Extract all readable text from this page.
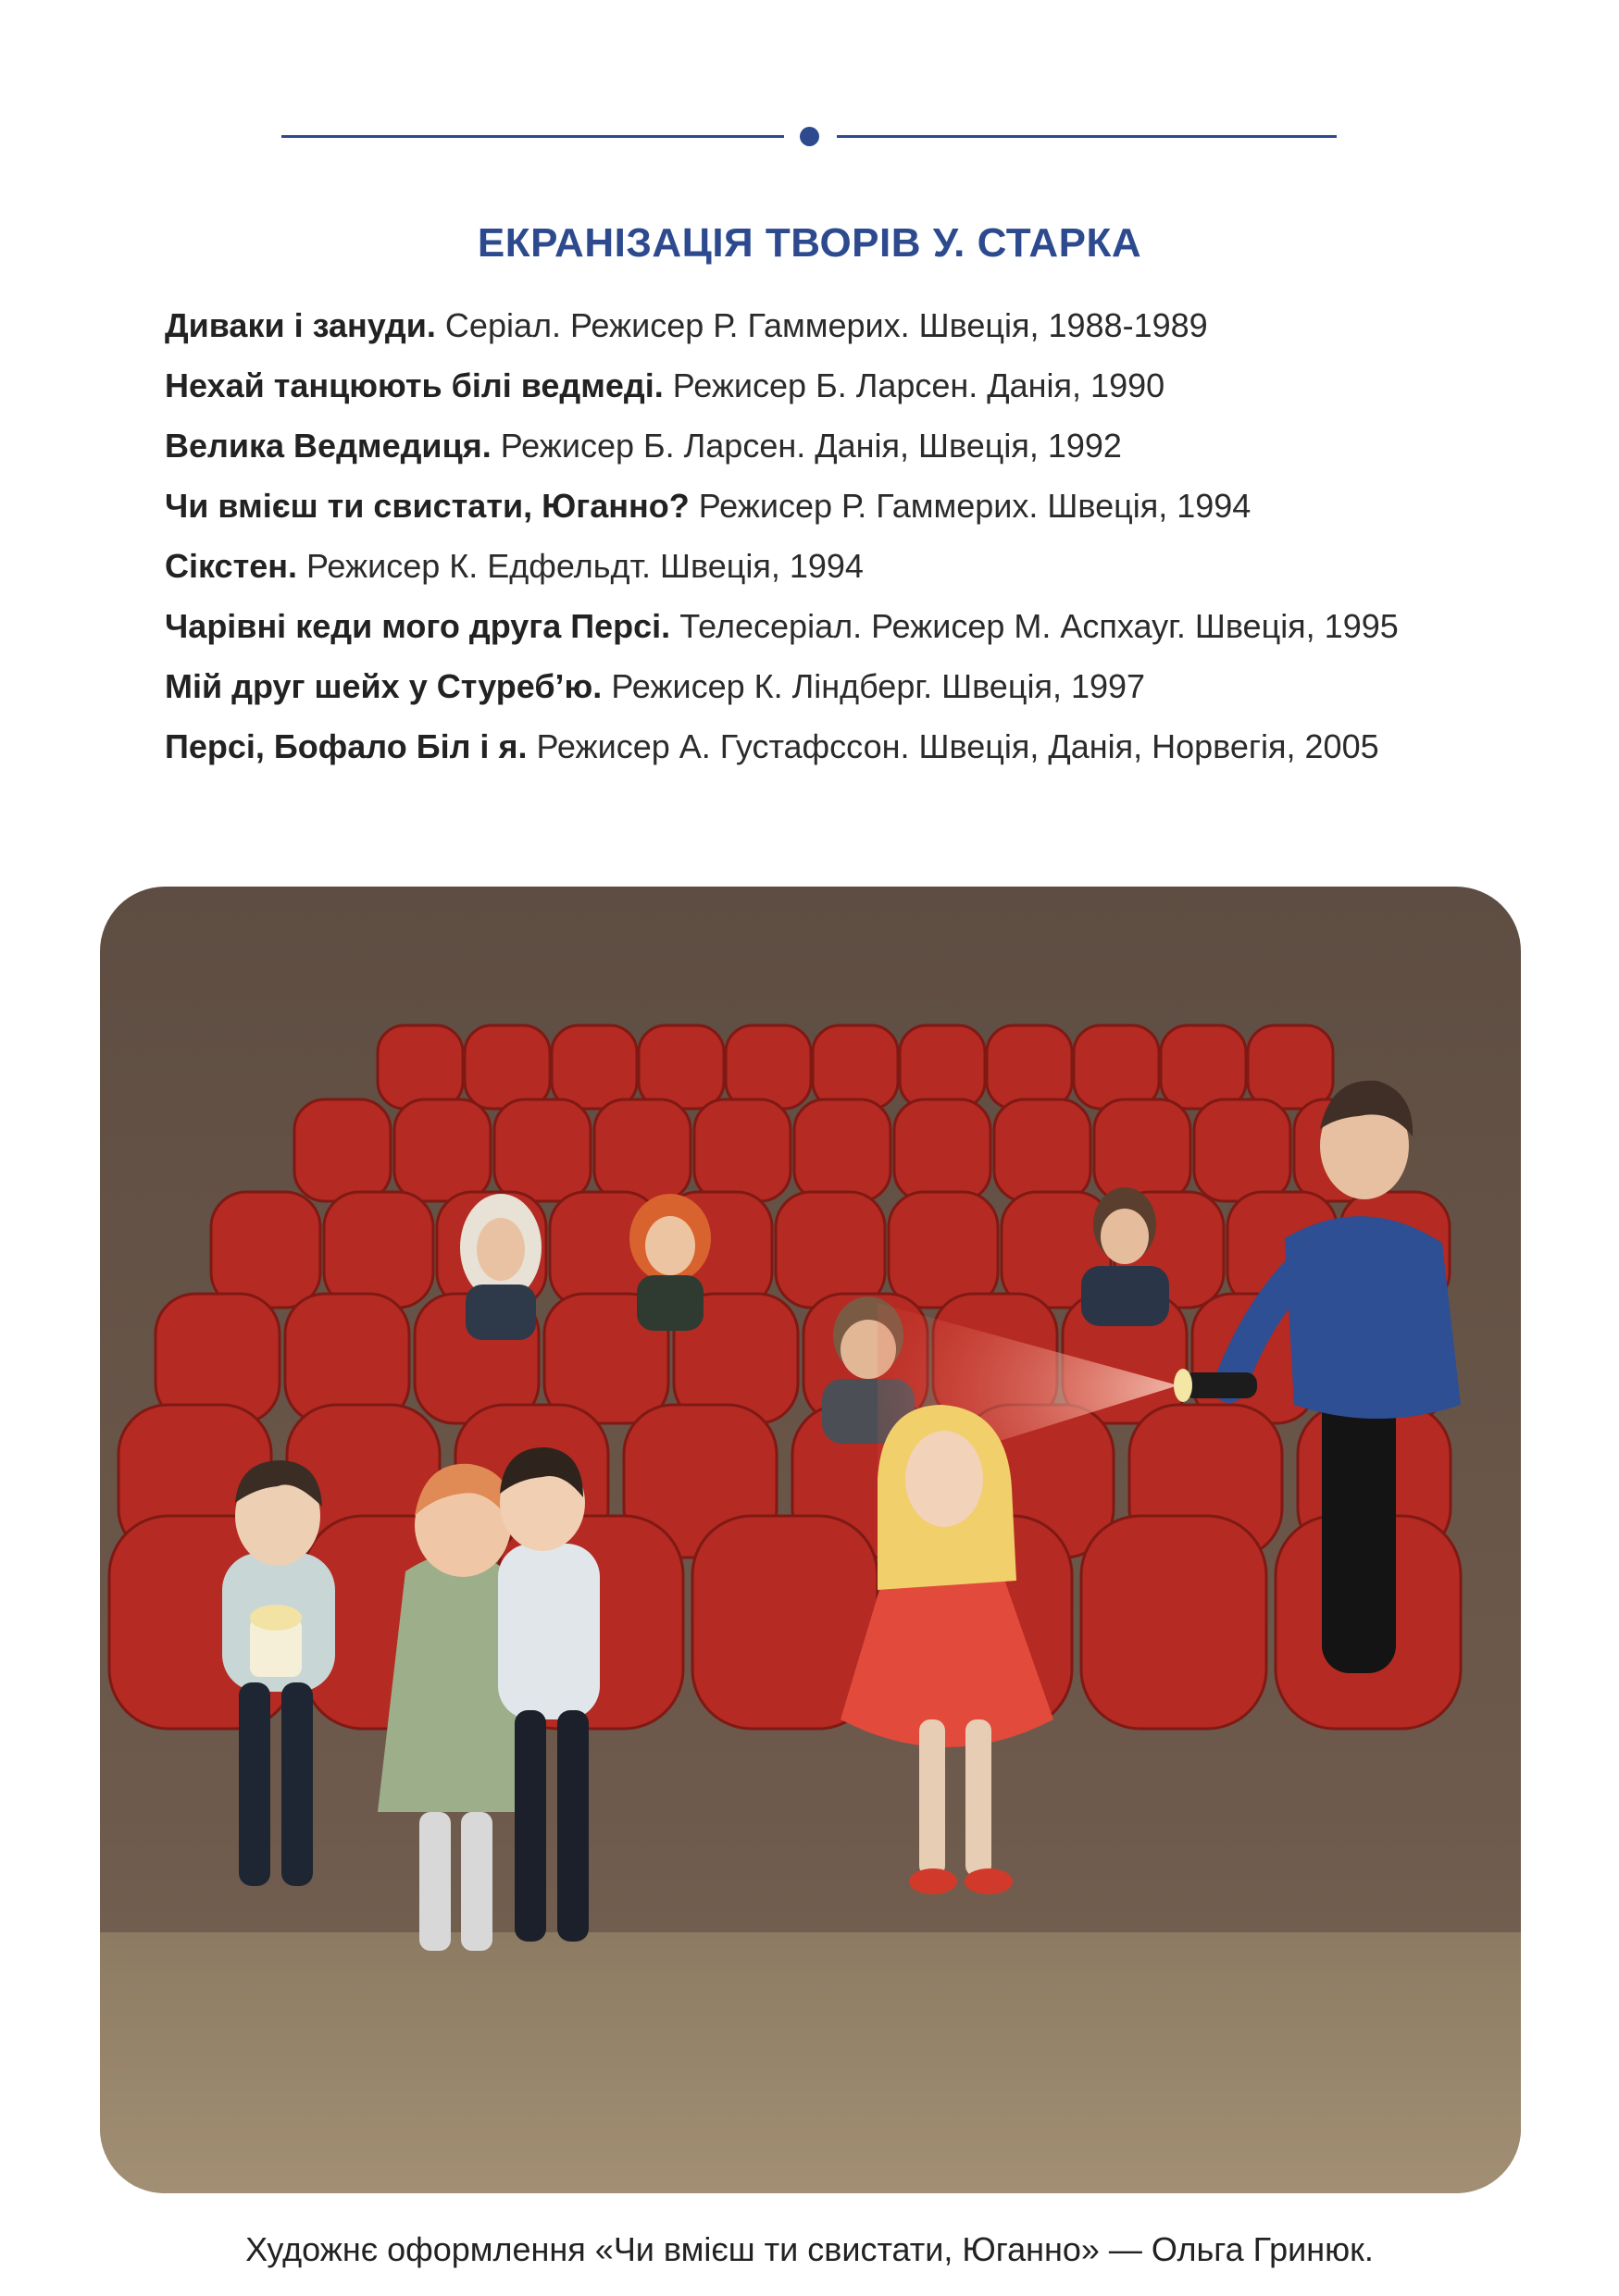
ЕКРАНІЗАЦІЯ ТВОРІВ У. СТАРКА
Диваки і зануди. Серіал. Режисер Р. Гаммерих. Швеція, 1988-1989
Нехай танцюють білі ведмеді. Режисер Б. Ларсен. Данія, 1990
Велика Ведмедиця. Режисер Б. Ларсен. Данія, Швеція, 1992
Чи вмієш ти свистати, Юганно? Режисер Р. Гаммерих. Швеція, 1994
Сікстен. Режисер К. Едфельдт. Швеція, 1994
Чарівні кеди мого друга Персі. Телесеріал. Режисер М. Аспхауг. Швеція, 1995
Мій друг шейх у Стуреб’ю. Режисер К. Ліндберг. Швеція, 1997
Персі, Бофало Біл і я. Режисер А. Густафссон. Швеція, Данія, Норвегія, 2005
Художнє оформлення «Чи вмієш ти свистати, Юганно» — Ольга Гринюк.
